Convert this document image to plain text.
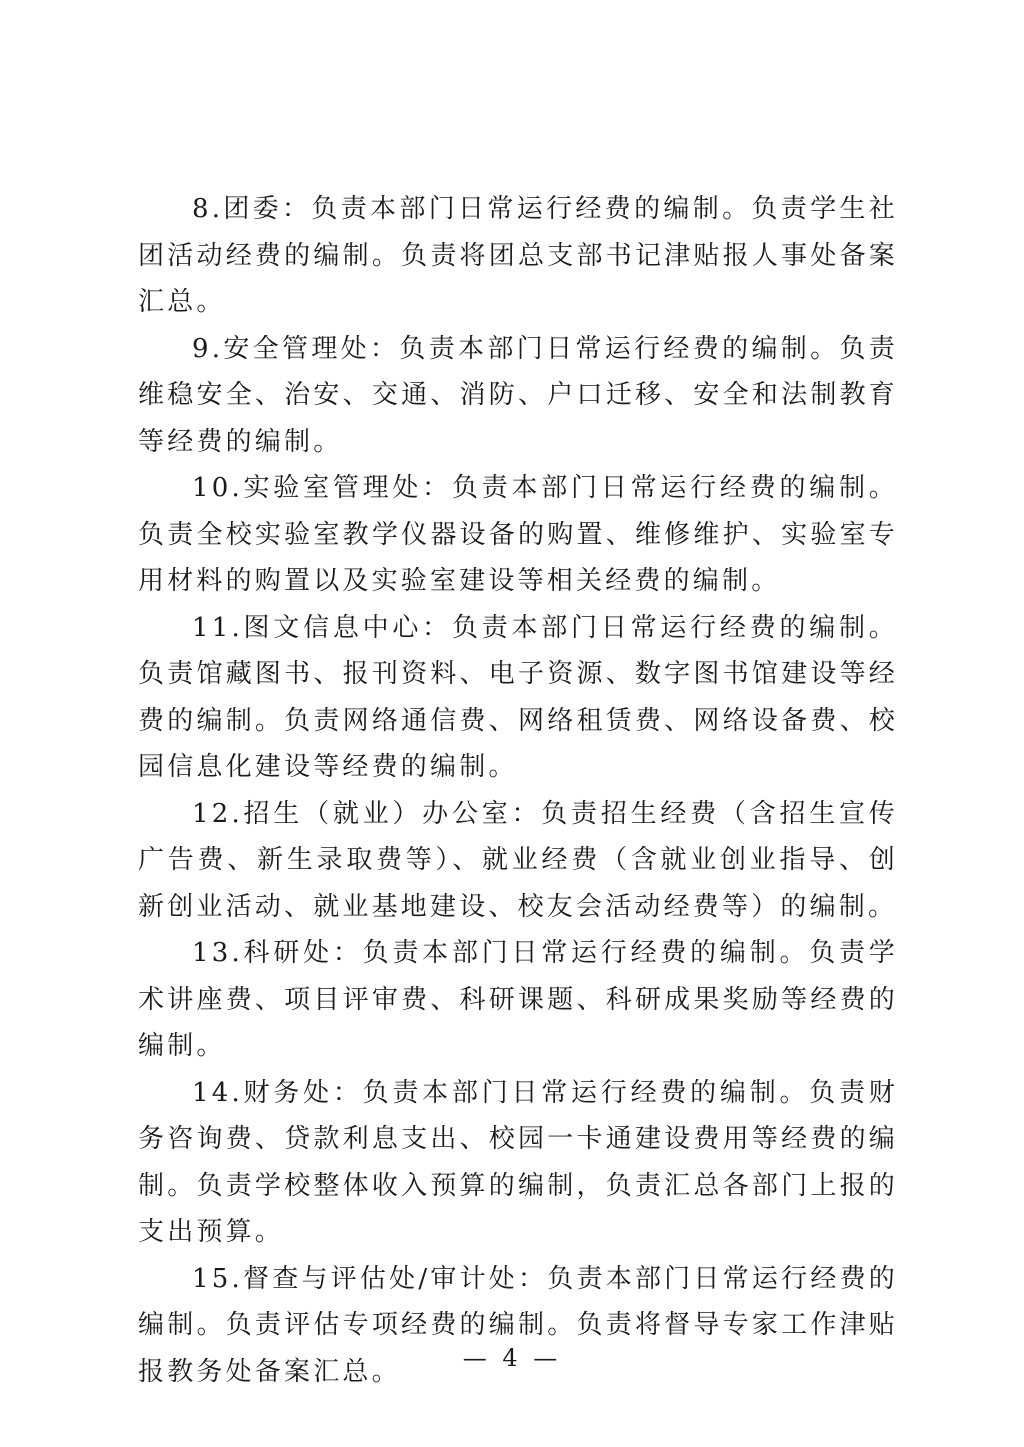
8.团委：负责本部门日常运行经费的编制。负责学生社团活动经费的编制。负责将团总支部书记津贴报人事处备案汇总。

9.安全管理处：负责本部门日常运行经费的编制。负责维稳安全、治安、交通、消防、户口迁移、安全和法制教育等经费的编制。

10.实验室管理处：负责本部门日常运行经费的编制。负责全校实验室教学仪器设备的购置、维修维护、实验室专用材料的购置以及实验室建设等相关经费的编制。

11.图文信息中心：负责本部门日常运行经费的编制。负责馆藏图书、报刊资料、电子资源、数字图书馆建设等经费的编制。负责网络通信费、网络租赁费、网络设备费、校园信息化建设等经费的编制。

12.招生（就业）办公室：负责招生经费（含招生宣传广告费、新生录取费等）、就业经费（含就业创业指导、创新创业活动、就业基地建设、校友会活动经费等）的编制。

13.科研处：负责本部门日常运行经费的编制。负责学术讲座费、项目评审费、科研课题、科研成果奖励等经费的编制。

14.财务处：负责本部门日常运行经费的编制。负责财务咨询费、贷款利息支出、校园一卡通建设费用等经费的编制。负责学校整体收入预算的编制，负责汇总各部门上报的支出预算。

15.督查与评估处/审计处：负责本部门日常运行经费的编制。负责评估专项经费的编制。负责将督导专家工作津贴报教务处备案汇总。	— 4 —
